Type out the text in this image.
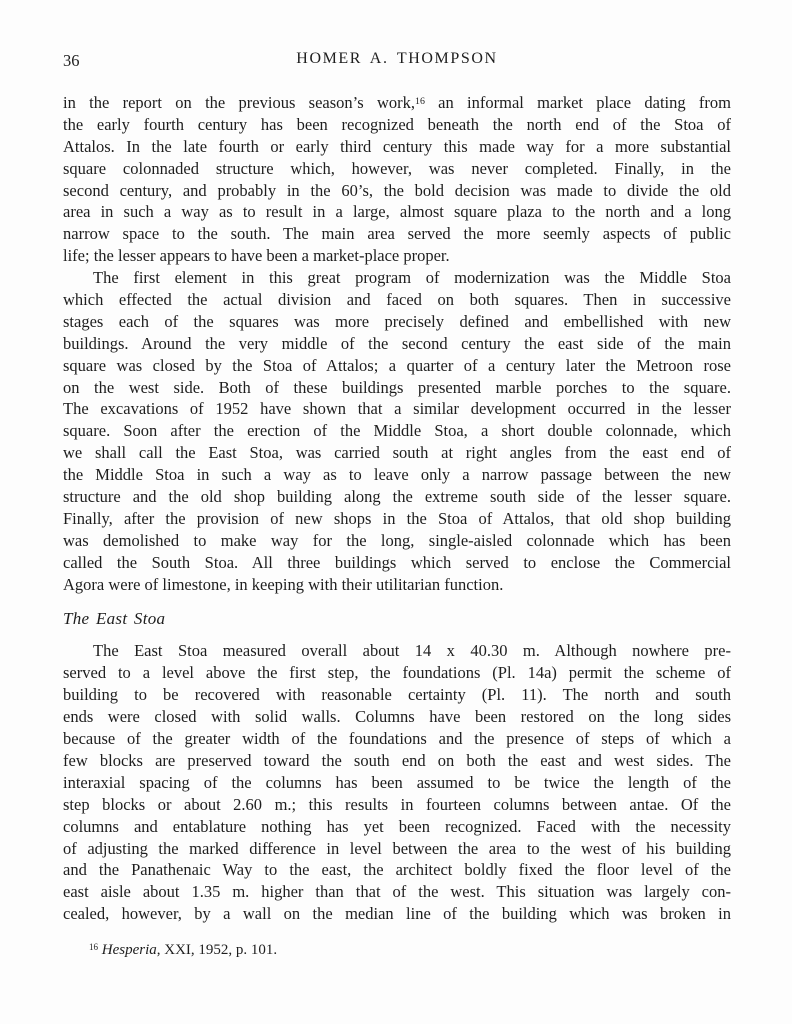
36	HOMER A. THOMPSON
in the report on the previous season’s work,$^{16}$ an informal market place dating from
the early fourth century has been recognized beneath the north end of the Stoa of
Attalos. In the late fourth or early third century this made way for a more substantial
square colonnaded structure which, however, was never completed. Finally, in the
second century, and probably in the 60’s, the bold decision was made to divide the old
area in such a way as to result in a large, almost square plaza to the north and a long
narrow space to the south. The main area served the more seemly aspects of public
life; the lesser appears to have been a market-place proper.
The first element in this great program of modernization was the Middle Stoa
which effected the actual division and faced on both squares. Then in successive
stages each of the squares was more precisely defined and embellished with new
buildings. Around the very middle of the second century the east side of the main
square was closed by the Stoa of Attalos; a quarter of a century later the Metroon rose
on the west side. Both of these buildings presented marble porches to the square.
The excavations of 1952 have shown that a similar development occurred in the lesser
square. Soon after the erection of the Middle Stoa, a short double colonnade, which
we shall call the East Stoa, was carried south at right angles from the east end of
the Middle Stoa in such a way as to leave only a narrow passage between the new
structure and the old shop building along the extreme south side of the lesser square.
Finally, after the provision of new shops in the Stoa of Attalos, that old shop building
was demolished to make way for the long, single-aisled colonnade which has been
called the South Stoa. All three buildings which served to enclose the Commercial
Agora were of limestone, in keeping with their utilitarian function.
The East Stoa
The East Stoa measured overall about 14 x 40.30 m. Although nowhere pre-
served to a level above the first step, the foundations (Pl. 14a) permit the scheme of
building to be recovered with reasonable certainty (Pl. 11). The north and south
ends were closed with solid walls. Columns have been restored on the long sides
because of the greater width of the foundations and the presence of steps of which a
few blocks are preserved toward the south end on both the east and west sides. The
interaxial spacing of the columns has been assumed to be twice the length of the
step blocks or about 2.60 m.; this results in fourteen columns between antae. Of the
columns and entablature nothing has yet been recognized. Faced with the necessity
of adjusting the marked difference in level between the area to the west of his building
and the Panathenaic Way to the east, the architect boldly fixed the floor level of the
east aisle about 1.35 m. higher than that of the west. This situation was largely con-
cealed, however, by a wall on the median line of the building which was broken in
$^{16}$ Hesperia, XXI, 1952, p. 101.
